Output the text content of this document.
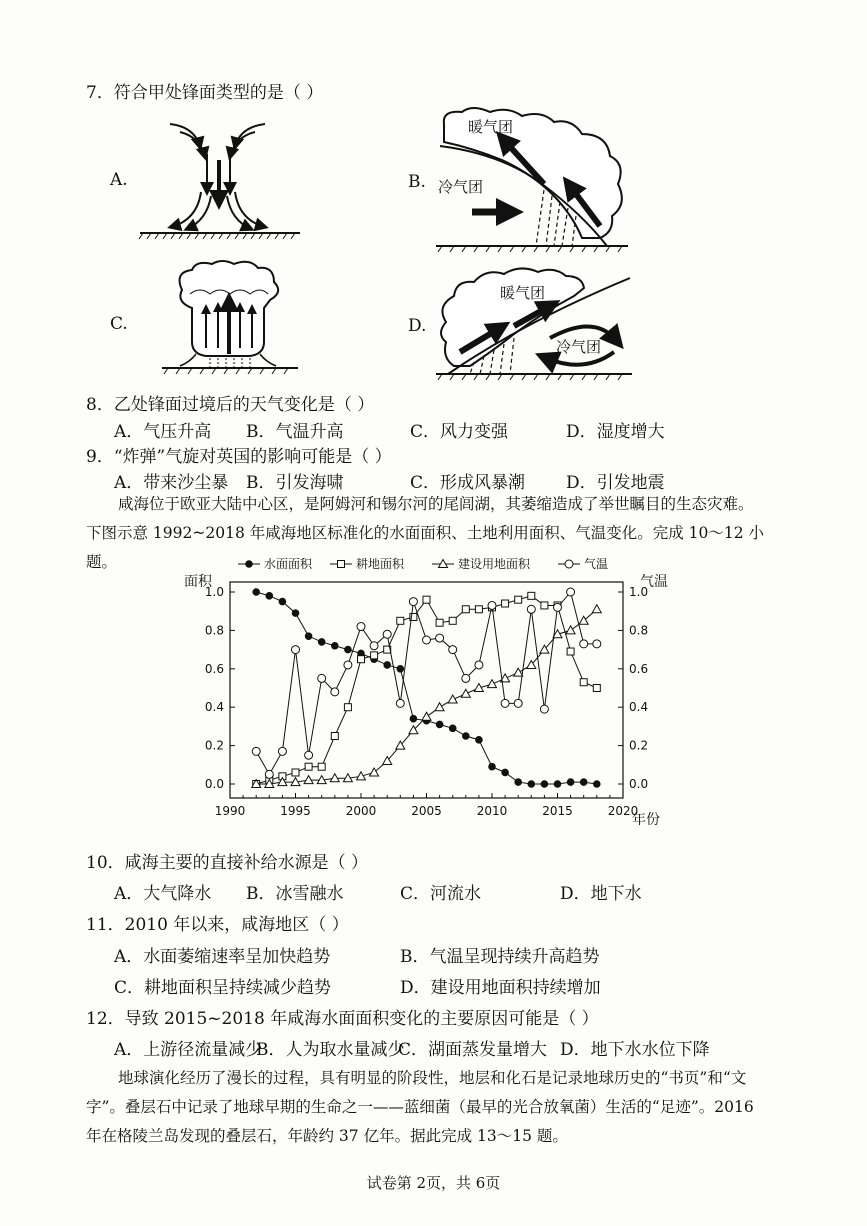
7．符合甲处锋面类型的是（ ）
A.	B.
C.	D.
暖气团
冷气团
暖气团
冷气团
8．乙处锋面过境后的天气变化是（ ）
A．气压升高 B．气温升高	C．风力变强	D．湿度增大
9．“炸弹”气旋对英国的影响可能是（ ）
A．带来沙尘暴 B．引发海啸	C．形成风暴潮 D．引发地震
咸海位于欧亚大陆中心区，是阿姆河和锡尔河的尾闾湖，其萎缩造成了举世瞩目的生态灾难。
下图示意 1992~2018 年咸海地区标准化的水面面积、土地利用面积、气温变化。完成 10～12 小题。	水面面积	耕地面积	建设用地面积	气温
面积	气温
年份
1990	1995	2000	2005	2010	2015	2020
0.0	0.0
0.2	0.2
0.4	0.4
0.6	0.6
0.8	0.8
1.0	1.0
10．咸海主要的直接补给水源是（ ）
A．大气降水 B．冰雪融水	C．河流水	D．地下水
11．2010 年以来，咸海地区（ ）
A．水面萎缩速率呈加快趋势	B．气温呈现持续升高趋势
C．耕地面积呈持续减少趋势	D．建设用地面积持续增加
12．导致 2015~2018 年咸海水面面积变化的主要原因可能是（ ）
A．上游径流量减少
B．人为取水量减少
C．湖面蒸发量增大 D．地下水水位下降
地球演化经历了漫长的过程，具有明显的阶段性，地层和化石是记录地球历史的“书页”和“文
字”。叠层石中记录了地球早期的生命之一——蓝细菌（最早的光合放氧菌）生活的“足迹”。2016
年在格陵兰岛发现的叠层石，年龄约 37 亿年。据此完成 13～15 题。
试卷第 2页，共 6页
